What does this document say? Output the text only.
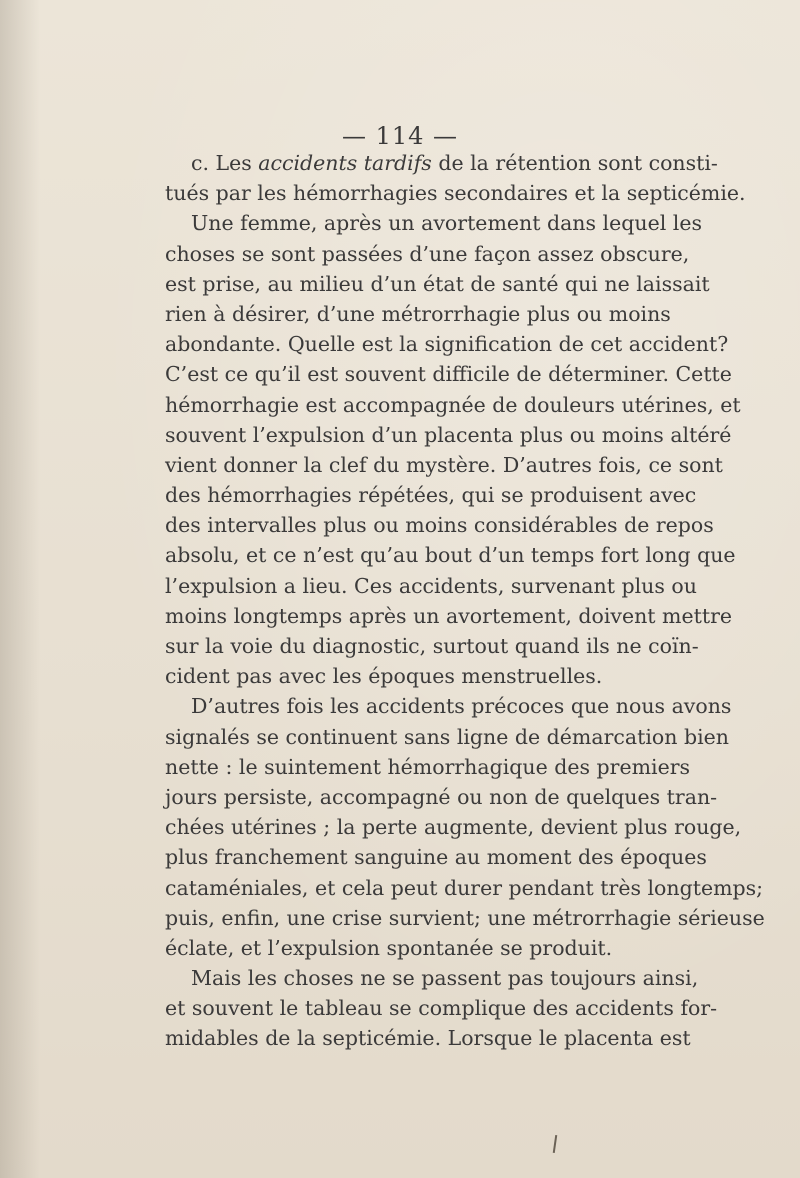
— 114 —

c. Les accidents tardifs de la rétention sont consti-

tués par les hémorrhagies secondaires et la septicémie.

Une femme, après un avortement dans lequel les

choses se sont passées d’une façon assez obscure,

est prise, au milieu d’un état de santé qui ne laissait

rien à désirer, d’une métrorrhagie plus ou moins

abondante. Quelle est la signification de cet accident?

C’est ce qu’il est souvent difficile de déterminer. Cette

hémorrhagie est accompagnée de douleurs utérines, et

souvent l’expulsion d’un placenta plus ou moins altéré

vient donner la clef du mystère. D’autres fois, ce sont

des hémorrhagies répétées, qui se produisent avec

des intervalles plus ou moins considérables de repos

absolu, et ce n’est qu’au bout d’un temps fort long que

l’expulsion a lieu. Ces accidents, survenant plus ou

moins longtemps après un avortement, doivent mettre

sur la voie du diagnostic, surtout quand ils ne coïn-

cident pas avec les époques menstruelles.

D’autres fois les accidents précoces que nous avons

signalés se continuent sans ligne de démarcation bien

nette : le suintement hémorrhagique des premiers

jours persiste, accompagné ou non de quelques tran-

chées utérines ; la perte augmente, devient plus rouge,

plus franchement sanguine au moment des époques

cataméniales, et cela peut durer pendant très longtemps;

puis, enfin, une crise survient; une métrorrhagie sérieuse

éclate, et l’expulsion spontanée se produit.

Mais les choses ne se passent pas toujours ainsi,

et souvent le tableau se complique des accidents for-

midables de la septicémie. Lorsque le placenta est
